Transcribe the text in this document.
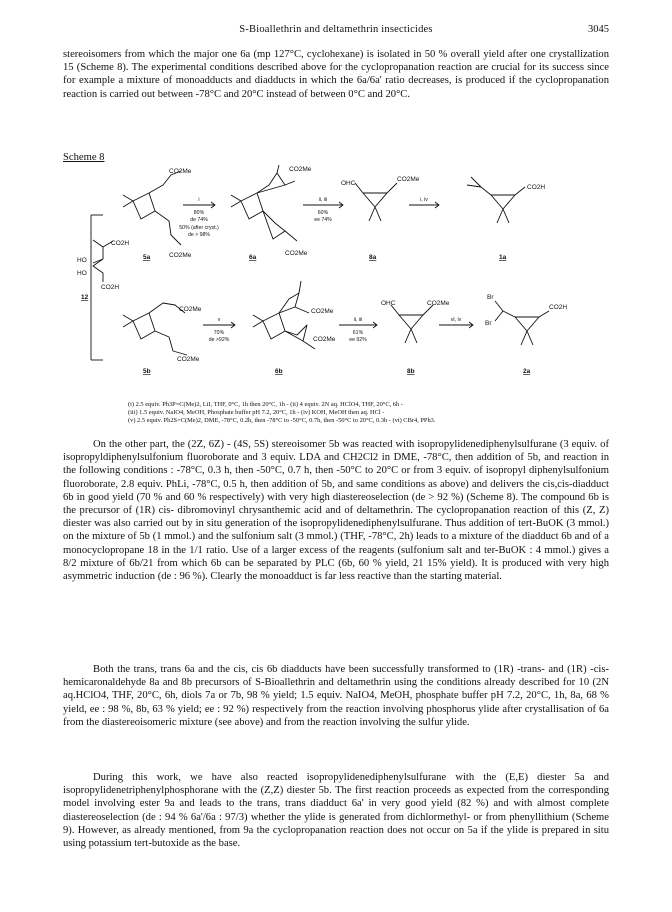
S-Bioallethrin and deltamethrin insecticides	3045

stereoisomers from which the major one 6a (mp 127°C, cyclohexane) is isolated in 50 % overall yield after one crystallization 15 (Scheme 8). The experimental conditions described above for the cyclopropanation reaction are crucial for its success since for example a mixture of monoadducts and diadducts in which the 6a/6a' ratio decreases, is produced if the cyclopropanation reaction is carried out between -78°C and 20°C instead of between 0°C and 20°C.

Scheme 8
CO2H
HO
HO
CO2H
CO2Me
CO2Me
CO2Me
CO2Me
OHC
CO2Me
CO2H
CO2Me
CO2Me
CO2Me
CO2Me
OHC	CO2Me
Br
Br
CO2H
12
5a	6a	8a	1a
5b	6b	8b	2a
i
80%
de 74%
50% (after cryst.)
de > 98%
ii, iii
60%
ee 74%
i, iv
v
70%
de >92%
ii, iii
61%
ee 92%
vi, iv

(i) 2.5 equiv. Ph3P=C(Me)2, LiI, THF, 0°C, 1h then 20°C, 1h - (ii) 4 equiv. 2N aq. HClO4, THF, 20°C, 6h -

(iii) 1.5 equiv. NaIO4, MeOH, Phosphate buffer pH 7.2, 20°C, 1h - (iv) KOH, MeOH then aq. HCl -

(v) 2.5 equiv. Ph2S=C(Me)2, DME, -78°C, 0.2h, then -78°C to -50°C, 0.7h, then -50°C to 20°C, 0.3h - (vi) CBr4, PPh3.

On the other part, the (2Z, 6Z) - (4S, 5S) stereoisomer 5b was reacted with isopropylidenediphenylsulfurane (3 equiv. of isopropyldiphenylsulfonium fluoroborate and 3 equiv. LDA and CH2Cl2 in DME, -78°C, then addition of 5b, and reaction in the following conditions : -78°C, 0.3 h, then -50°C, 0.7 h, then -50°C to 20°C or from 3 equiv. of isopropyl diphenylsulfonium fluoroborate, 2.8 equiv. PhLi, -78°C, 0.5 h, then addition of 5b, and same conditions as above) and delivers the cis,cis-diadduct 6b in good yield (70 % and 60 % respectively) with very high diastereoselection (de > 92 %) (Scheme 8). The compound 6b is the precursor of (1R) cis- dibromovinyl chrysanthemic acid and of deltamethrin. The cyclopropanation reaction of this (Z, Z) diester was also carried out by in situ generation of the isopropylidenediphenylsulfurane. Thus addition of tert-BuOK (3 mmol.) on the mixture of 5b (1 mmol.) and the sulfonium salt (3 mmol.) (THF, -78°C, 2h) leads to a mixture of the diadduct 6b and of a monocyclopropane 18 in the 1/1 ratio. Use of a larger excess of the reagents (sulfonium salt and ter-BuOK : 4 mmol.) gives a 8/2 mixture of 6b/21 from which 6b can be separated by PLC (6b, 60 % yield, 21 15% yield). It is produced with very high asymmetric induction (de : 96 %). Clearly the monoadduct is far less reactive than the starting material.

Both the trans, trans 6a and the cis, cis 6b diadducts have been successfully transformed to (1R) -trans- and (1R) -cis- hemicaronaldehyde 8a and 8b precursors of S-Bioallethrin and deltamethrin using the conditions already described for 10 (2N aq.HClO4, THF, 20°C, 6h, diols 7a or 7b, 98 % yield; 1.5 equiv. NaIO4, MeOH, phosphate buffer pH 7.2, 20°C, 1h, 8a, 68 % yield, ee : 98 %, 8b, 63 % yield; ee : 92 %) respectively from the reaction involving phosphorus ylide after crystallisation of 6a from the diastereoisomeric mixture (see above) and from the reaction involving the sulfur ylide.

During this work, we have also reacted isopropylidenediphenylsulfurane with the (E,E) diester 5a and isopropylidenetriphenylphosphorane with the (Z,Z) diester 5b. The first reaction proceeds as expected from the corresponding model involving ester 9a and leads to the trans, trans diadduct 6a' in very good yield (82 %) and with almost complete diastereoselection (de : 94 % 6a'/6a : 97/3) whether the ylide is generated from dichlormethyl- or from phenyllithium (Scheme 9). However, as already mentioned, from 9a the cyclopropanation reaction does not occur on 5a if the ylide is prepared in situ using potassium tert-butoxide as the base.
